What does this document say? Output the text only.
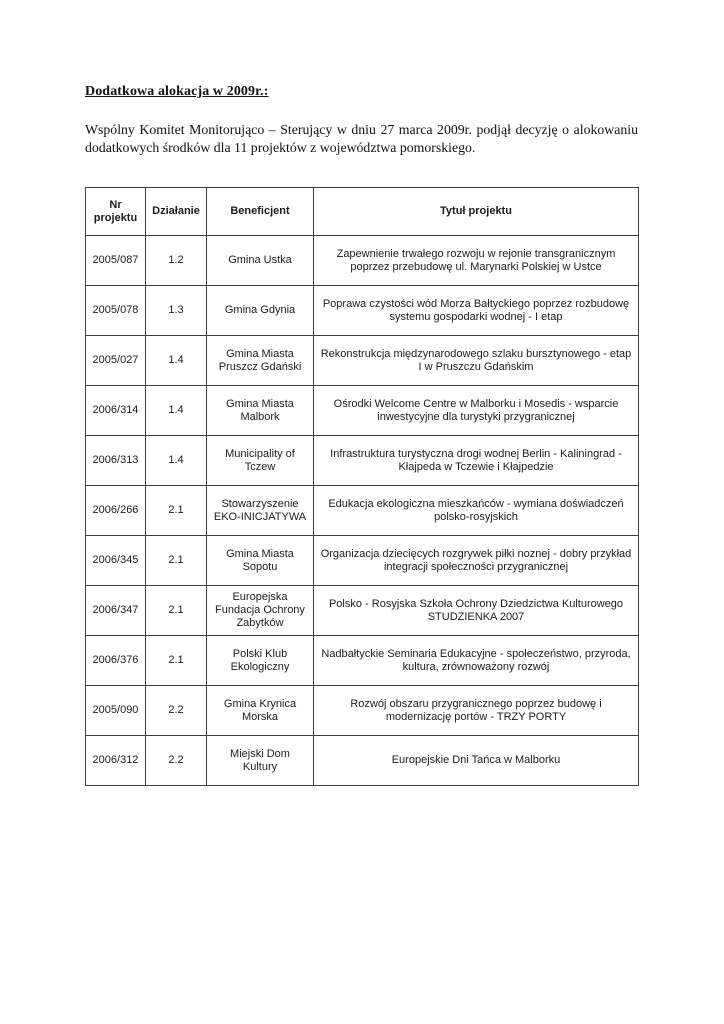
Dodatkowa alokacja w 2009r.:

Wspólny Komitet Monitorująco – Sterujący w dniu 27 marca 2009r. podjął decyzję o alokowaniu dodatkowych środków dla 11 projektów z województwa pomorskiego.

Nr projektu	Działanie	Beneficjent	Tytuł projektu
2005/087	1.2	Gmina Ustka	Zapewnienie trwałego rozwoju w rejonie transgranicznym poprzez przebudowę ul. Marynarki Polskiej w Ustce
2005/078	1.3	Gmina Gdynia	Poprawa czystości wód Morza Bałtyckiego poprzez rozbudowę systemu gospodarki wodnej - I etap
2005/027	1.4	Gmina Miasta Pruszcz Gdański	Rekonstrukcja międzynarodowego szlaku bursztynowego - etap I w Pruszczu Gdańskim
2006/314	1.4	Gmina Miasta Malbork	Ośrodki Welcome Centre w Malborku i Mosedis - wsparcie inwestycyjne dla turystyki przygranicznej
2006/313	1.4	Municipality of Tczew	Infrastruktura turystyczna drogi wodnej Berlin - Kaliningrad - Kłajpeda w Tczewie i Kłajpedzie
2006/266	2.1	Stowarzyszenie EKO-INICJATYWA	Edukacja ekologiczna mieszkańców - wymiana doświadczeń polsko-rosyjskich
2006/345	2.1	Gmina Miasta Sopotu	Organizacja dziecięcych rozgrywek piłki noznej - dobry przykład integracji społeczności przygranicznej
2006/347	2.1	Europejska Fundacja Ochrony Zabytków	Polsko - Rosyjska Szkoła Ochrony Dziedzictwa Kulturowego STUDZIENKA 2007
2006/376	2.1	Polski Klub Ekologiczny	Nadbałtyckie Seminaria Edukacyjne - społeczeństwo, przyroda, kultura, zrównoważony rozwój
2005/090	2.2	Gmina Krynica Morska	Rozwój obszaru przygranicznego poprzez budowę i modernizację portów - TRZY PORTY
2006/312	2.2	Miejski Dom Kultury	Europejskie Dni Tańca w Malborku
